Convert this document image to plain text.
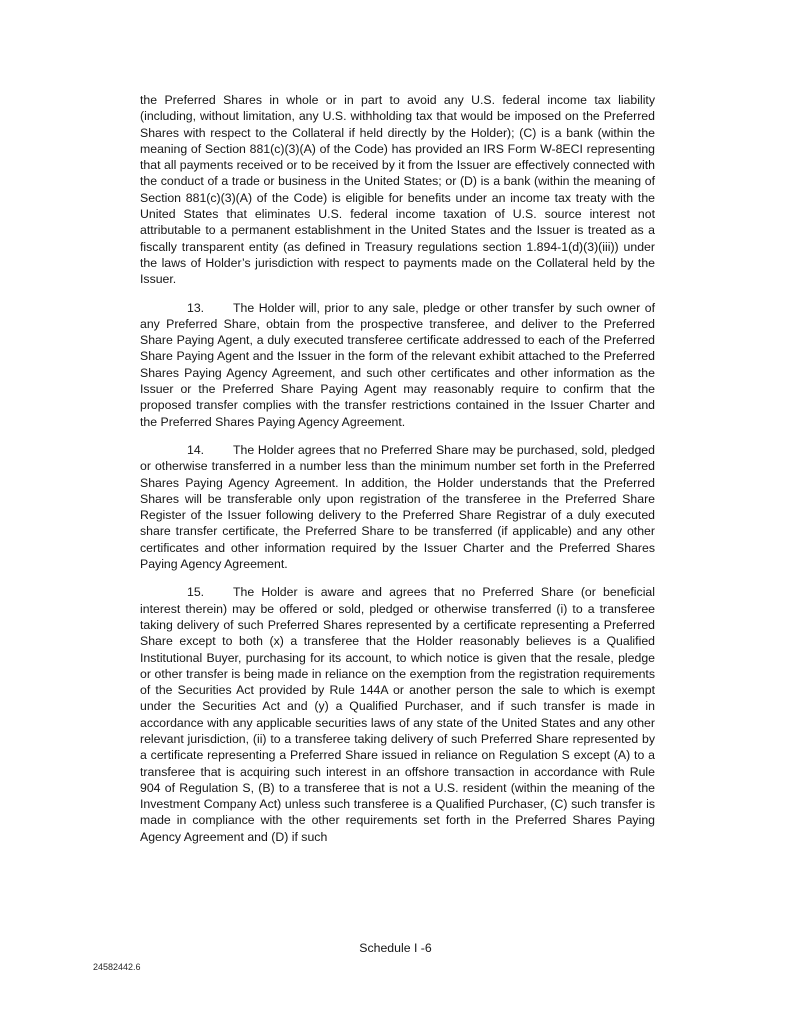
the Preferred Shares in whole or in part to avoid any U.S. federal income tax liability (including, without limitation, any U.S. withholding tax that would be imposed on the Preferred Shares with respect to the Collateral if held directly by the Holder); (C) is a bank (within the meaning of Section 881(c)(3)(A) of the Code) has provided an IRS Form W-8ECI representing that all payments received or to be received by it from the Issuer are effectively connected with the conduct of a trade or business in the United States; or (D) is a bank (within the meaning of Section 881(c)(3)(A) of the Code) is eligible for benefits under an income tax treaty with the United States that eliminates U.S. federal income taxation of U.S. source interest not attributable to a permanent establishment in the United States and the Issuer is treated as a fiscally transparent entity (as defined in Treasury regulations section 1.894-1(d)(3)(iii)) under the laws of Holder’s jurisdiction with respect to payments made on the Collateral held by the Issuer.

13. The Holder will, prior to any sale, pledge or other transfer by such owner of any Preferred Share, obtain from the prospective transferee, and deliver to the Preferred Share Paying Agent, a duly executed transferee certificate addressed to each of the Preferred Share Paying Agent and the Issuer in the form of the relevant exhibit attached to the Preferred Shares Paying Agency Agreement, and such other certificates and other information as the Issuer or the Preferred Share Paying Agent may reasonably require to confirm that the proposed transfer complies with the transfer restrictions contained in the Issuer Charter and the Preferred Shares Paying Agency Agreement.

14. The Holder agrees that no Preferred Share may be purchased, sold, pledged or otherwise transferred in a number less than the minimum number set forth in the Preferred Shares Paying Agency Agreement. In addition, the Holder understands that the Preferred Shares will be transferable only upon registration of the transferee in the Preferred Share Register of the Issuer following delivery to the Preferred Share Registrar of a duly executed share transfer certificate, the Preferred Share to be transferred (if applicable) and any other certificates and other information required by the Issuer Charter and the Preferred Shares Paying Agency Agreement.

15. The Holder is aware and agrees that no Preferred Share (or beneficial interest therein) may be offered or sold, pledged or otherwise transferred (i) to a transferee taking delivery of such Preferred Shares represented by a certificate representing a Preferred Share except to both (x) a transferee that the Holder reasonably believes is a Qualified Institutional Buyer, purchasing for its account, to which notice is given that the resale, pledge or other transfer is being made in reliance on the exemption from the registration requirements of the Securities Act provided by Rule 144A or another person the sale to which is exempt under the Securities Act and (y) a Qualified Purchaser, and if such transfer is made in accordance with any applicable securities laws of any state of the United States and any other relevant jurisdiction, (ii) to a transferee taking delivery of such Preferred Share represented by a certificate representing a Preferred Share issued in reliance on Regulation S except (A) to a transferee that is acquiring such interest in an offshore transaction in accordance with Rule 904 of Regulation S, (B) to a transferee that is not a U.S. resident (within the meaning of the Investment Company Act) unless such transferee is a Qualified Purchaser, (C) such transfer is made in compliance with the other requirements set forth in the Preferred Shares Paying Agency Agreement and (D) if such

Schedule I -6
24582442.6
